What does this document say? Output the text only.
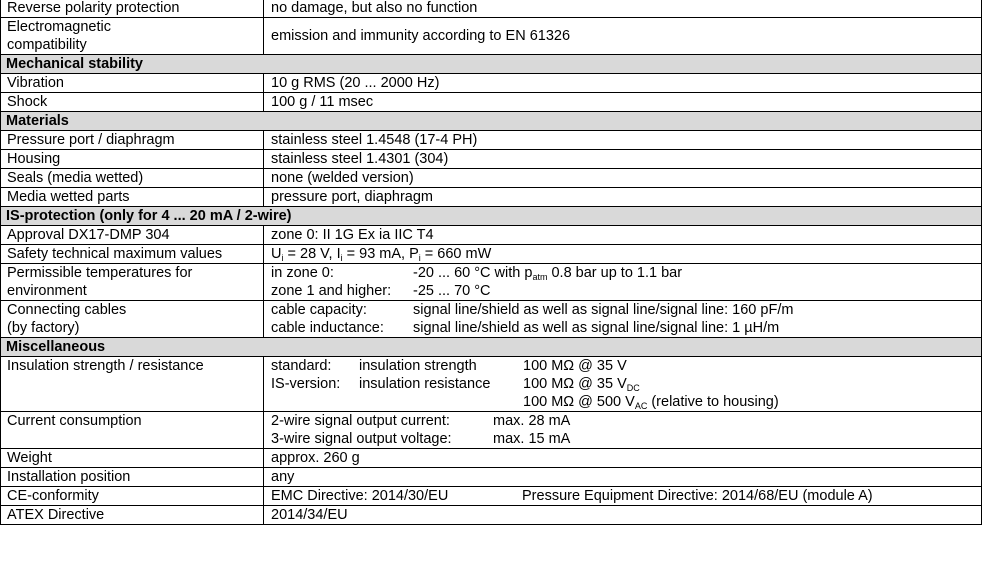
Reverse polarity protection	no damage, but also no function

Electromagnetic
compatibility	emission and immunity according to EN 61326

Mechanical stability	
Vibration	10 g RMS (20 ... 2000 Hz)
Shock	100 g / 11 msec
Materials	
Pressure port / diaphragm	stainless steel 1.4548 (17-4 PH)
Housing	stainless steel 1.4301 (304)
Seals (media wetted)	none (welded version)
Media wetted parts	pressure port, diaphragm
IS-protection (only for 4 ... 20 mA / 2-wire)	
Approval DX17-DMP 304	zone 0: II 1G Ex ia IIC T4
Safety technical maximum values	$U_i = 28$ V, $I_i = 93$ mA, $P_i = 660$ mW

Permissible temperatures for
environment	in zone 0: -20 ... 60 °C with $p_{atm}$ 0.8 bar up to 1.1 bar
zone 1 and higher: -25 ... 70 °C

Connecting cables
(by factory)	cable capacity: signal line/shield as well as signal line/signal line: 160 pF/m
cable inductance: signal line/shield as well as signal line/signal line: 1 µH/m

Miscellaneous	
Insulation strength / resistance	standard: insulation strength 100 MΩ @ 35 V
IS-version: insulation resistance 100 MΩ @ 35 $V_{DC}$
100 MΩ @ 500 $V_{AC}$ (relative to housing)

Current consumption	2-wire signal output current: max. 28 mA
3-wire signal output voltage: max. 15 mA

Weight	approx. 260 g
Installation position	any
CE-conformity	EMC Directive: 2014/30/EU Pressure Equipment Directive: 2014/68/EU (module A)
ATEX Directive	2014/34/EU
